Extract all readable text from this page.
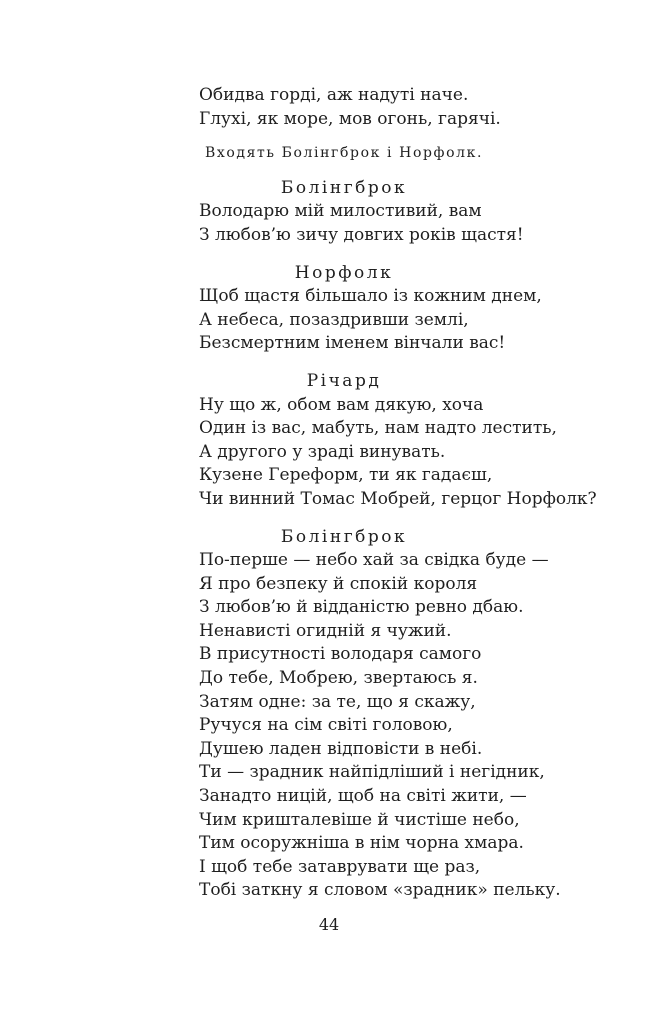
Обидва горді, аж надуті наче.
Глухі, як море, мов огонь, гарячі.
Входять Болінгброк і Норфолк.
Болінгброк
Володарю мій милостивий, вам
З любов’ю зичу довгих років щастя!
Норфолк
Щоб щастя більшало із кожним днем,
А небеса, позаздривши землі,
Безсмертним іменем вінчали вас!
Річард
Ну що ж, обом вам дякую, хоча
Один із вас, мабуть, нам надто лестить,
А другого у зраді винувать.
Кузене Гереформ, ти як гадаєш,
Чи винний Томас Мобрей, герцог Норфолк?
Болінгброк
По-перше — небо хай за свідка буде —
Я про безпеку й спокій короля
З любов’ю й відданістю ревно дбаю.
Ненависті огидній я чужий.
В присутності володаря самого
До тебе, Мобрею, звертаюсь я.
Затям одне: за те, що я скажу,
Ручуся на сім світі головою,
Душею ладен відповісти в небі.
Ти — зрадник найпідліший і негідник,
Занадто ницій, щоб на світі жити, —
Чим кришталевіше й чистіше небо,
Тим осоружніша в нім чорна хмара.
І щоб тебе затаврувати ще раз,
Тобі заткну я словом «зрадник» пельку.
44
